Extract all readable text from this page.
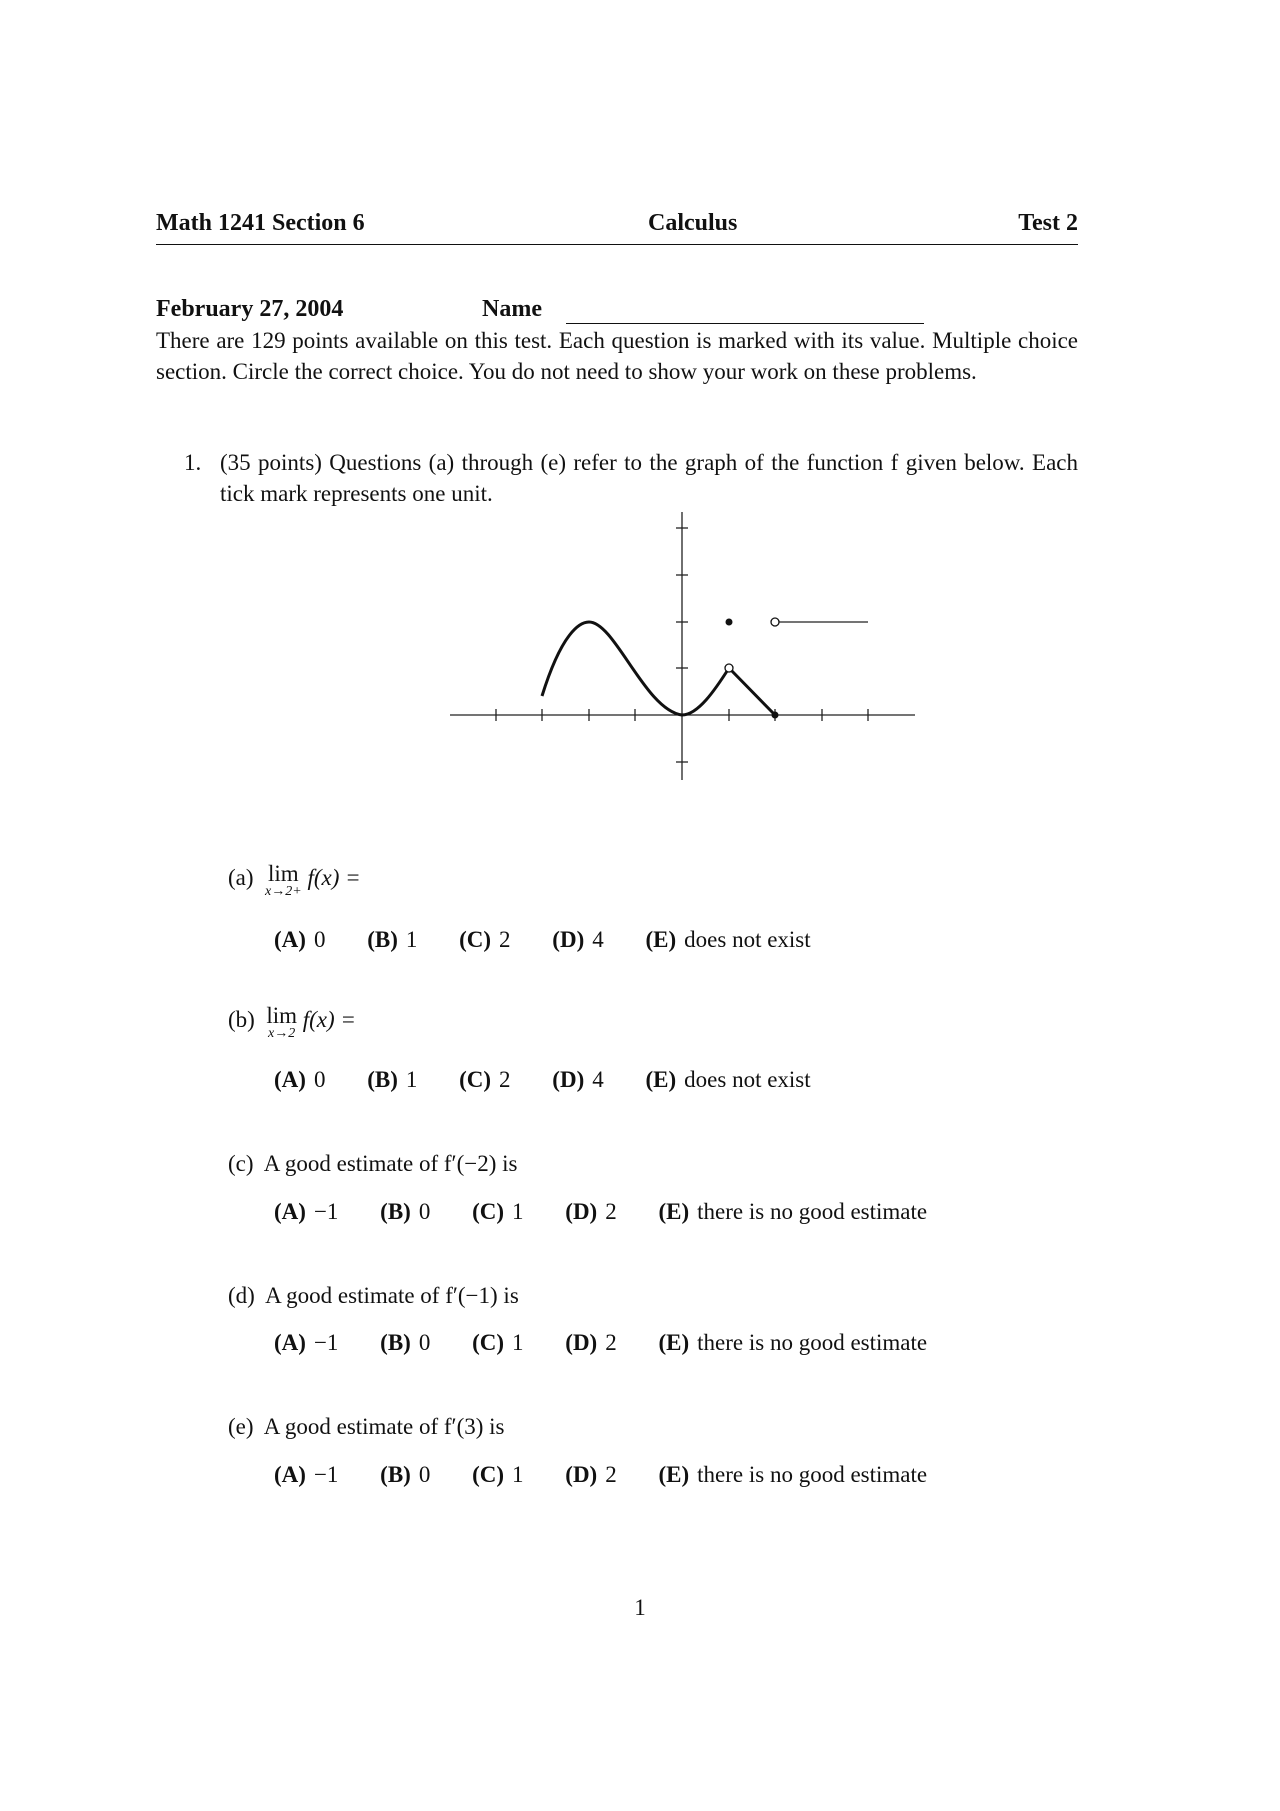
Math 1241 Section 6	Calculus	Test 2
February 27, 2004	Name
There are 129 points available on this test. Each question is marked with its value. Multiple choice section. Circle the correct choice. You do not need to show your work on these problems.
1. (35 points) Questions (a) through (e) refer to the graph of the function f given below. Each tick mark represents one unit.
(a) lim
x→2+
f(x) =
(A) 0 (B) 1 (C) 2 (D) 4 (E) does not exist
(b) lim
x→2
f(x) =
(A) 0 (B) 1 (C) 2 (D) 4 (E) does not exist
(c) A good estimate of f′(−2) is
(A) −1 (B) 0 (C) 1 (D) 2 (E) there is no good estimate
(d) A good estimate of f′(−1) is
(A) −1 (B) 0 (C) 1 (D) 2 (E) there is no good estimate
(e) A good estimate of f′(3) is
(A) −1 (B) 0 (C) 1 (D) 2 (E) there is no good estimate
1
